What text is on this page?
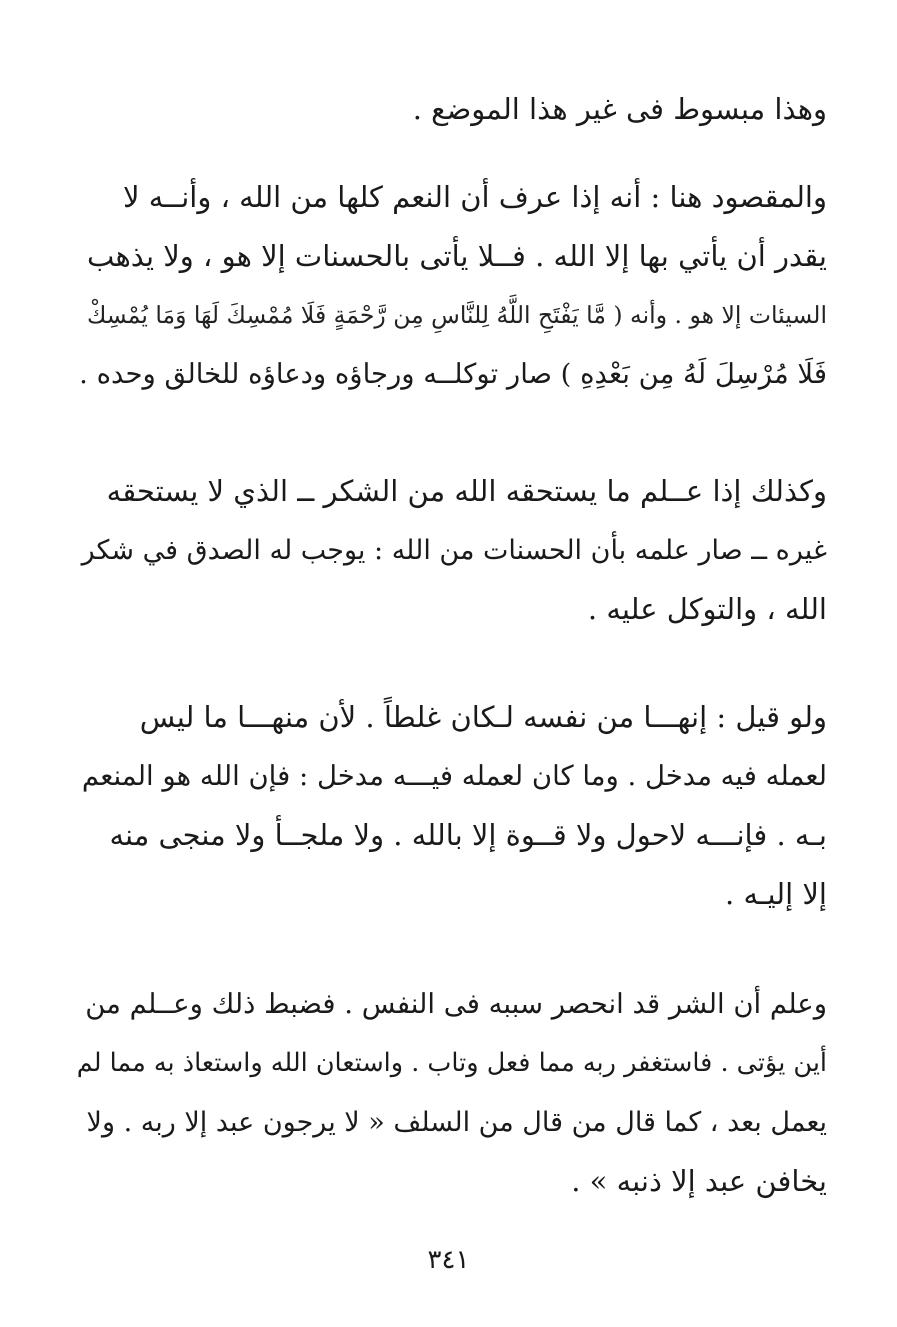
وهذا مبسوط فى غير هذا الموضع .

والمقصود هنا : أنه إذا عرف أن النعم كلها من الله ، وأنــه لا
يقدر أن يأتي بها إلا الله . فــلا يأتى بالحسنات إلا هو ، ولا يذهب
السيئات إلا هو . وأنه ( مَّا يَفْتَحِ اللَّهُ لِلنَّاسِ مِن رَّحْمَةٍ فَلَا مُمْسِكَ لَهَا وَمَا يُمْسِكْ
فَلَا مُرْسِلَ لَهُ مِن بَعْدِهِ ) صار توكلــه ورجاؤه ودعاؤه للخالق وحده .

وكذلك إذا عــلم ما يستحقه الله من الشكر ــ الذي لا يستحقه
غيره ــ صار علمه بأن الحسنات من الله : يوجب له الصدق في شكر
الله ، والتوكل عليه .

ولو قيل : إنهـــا من نفسه لـكان غلطاً . لأن منهـــا ما ليس
لعمله فيه مدخل . وما كان لعمله فيـــه مدخل : فإن الله هو المنعم
بـه . فإنـــه لاحول ولا قــوة إلا بالله . ولا ملجــأ ولا منجى منه
إلا إليـه .

وعلم أن الشر قد انحصر سببه فى النفس . فضبط ذلك وعــلم من
أين يؤتى . فاستغفر ربه مما فعل وتاب . واستعان الله واستعاذ به مما لم
يعمل بعد ، كما قال من قال من السلف « لا يرجون عبد إلا ربه . ولا
يخافن عبد إلا ذنبه » .

٣٤١
